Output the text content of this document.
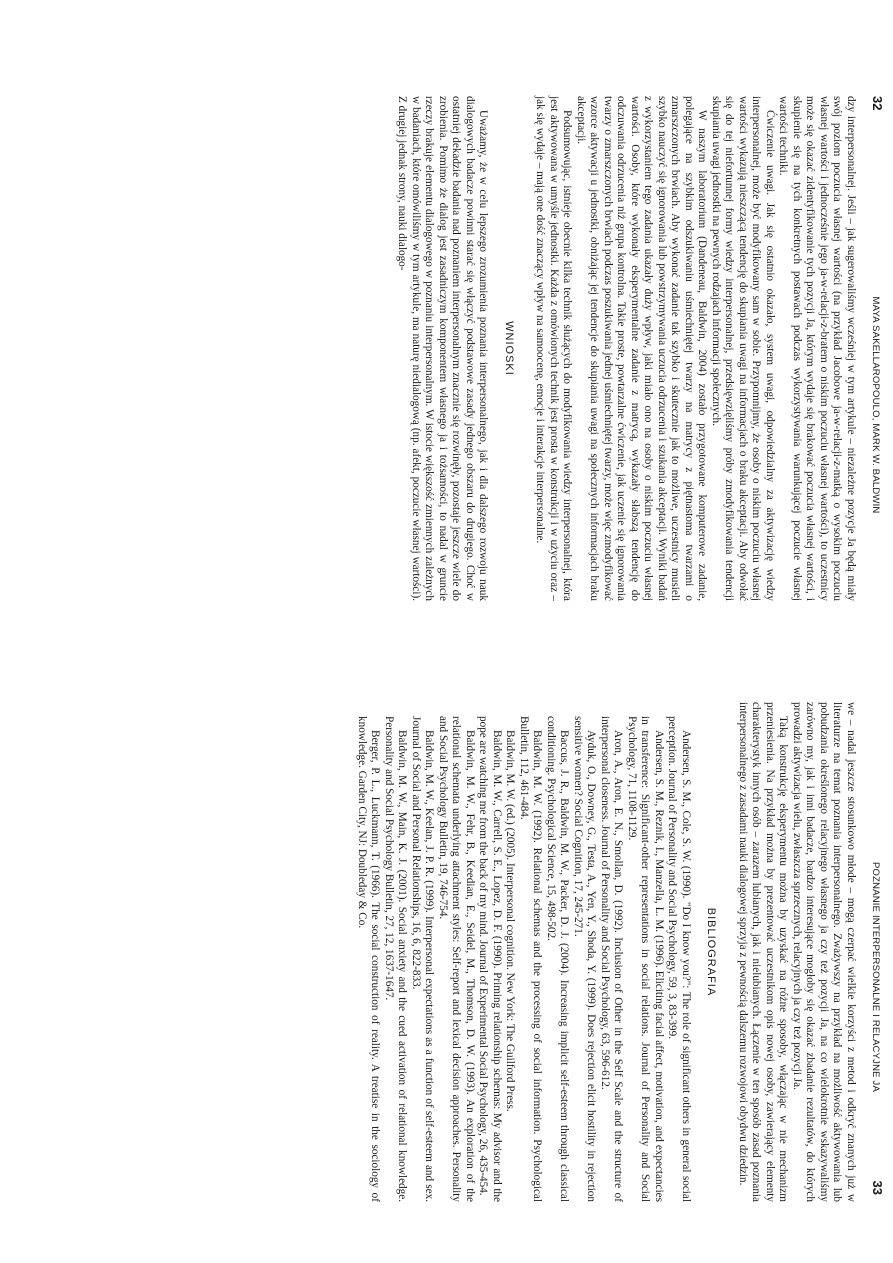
32
MAYA SAKELLAROPOULO, MARK W. BALDWIN

dzy interpersonalnej. Jeśli – jak sugerowaliśmy wcześniej w tym artykule – niezależne pozycje Ja będą miały swój poziom poczucia własnej wartości (na przykład Jacobowe ja-w-relacji-z-matką o wysokim poczuciu własnej wartości i jednocześnie jego ja-w-relacji-z-bratem o niskim poczuciu własnej wartości), to uczestnicy może się okazać zidentyfikowanie tych pozycji Ja, którym wydaje się brakować poczucia własnej wartości, i skupienie się na tych konkretnych postawach podczas wykorzystywania warunkującej poczucie własnej wartości techniki.

Ćwiczenie uwagi. Jak się ostatnio okazało, system uwagi, odpowiedzialny za aktywizację wiedzy interpersonalnej, może być modyfikowany sam w sobie. Przypomnijmy, że osoby o niskim poczuciu własnej wartości wykazują nieszczącą tendencję do skupiania uwagi na informacjach o braku akceptacji. Aby odwołać się do tej niefortunnej formy wiedzy interpersonalnej, przedsięwzięliśmy próby zmodyfikowania tendencji skupiania uwagi jednostki na pewnych rodzajach informacji społecznych.

W naszym laboratorium (Dandeneau, Baldwin, 2004) zostało przygotowane komputerowe zadanie, polegające na szybkim odszukiwaniu uśmiechniętej twarzy na matrycy z piętnastoma twarzami o zmarszczonych brwiach. Aby wykonać zadanie tak szybko i skutecznie jak to możliwe, uczestnicy musieli szybko nauczyć się ignorowania lub powstrzymywania uczucia odrzucenia i szukania akceptacji. Wyniki badań z wykorzystaniem tego zadania ukazały duży wpływ, jaki miało ono na osoby o niskim poczuciu własnej wartości. Osoby, które wykonały eksperymentalne zadanie z matrycą, wykazały słabszą tendencję do odczuwania odrzucenia niż grupa kontrolna. Takie proste, powtarzalne ćwiczenie, jak uczenie się ignorowania twarzy o zmarszczonych brwiach podczas poszukiwania jednej uśmiechniętej twarzy, może więc zmodyfikować wzorce aktywacji u jednostki, obniżając jej tendencje do skupiania uwagi na społecznych informacjach braku akceptacji.

Podsumowując, istnieje obecnie kilka technik służących do modyfikowania wiedzy interpersonalnej, która jest aktywowana w umyśle jednostki. Każda z omówionych technik jest prosta w konstrukcji i w użyciu oraz – jak się wydaje – mają one dość znaczący wpływ na samoocenę, emocje i interakcje interpersonalne.

WNIOSKI

Uważamy, że w celu lepszego zrozumienia poznania interpersonalnego, jak i dla dalszego rozwoju nauk dialogowych badacze powinni starać się włączyć podstawowe zasady jednego obszaru do drugiego. Choć w ostatniej dekadzie badania nad poznaniem interpersonalnym znacznie się rozwinęły, pozostaje jeszcze wiele do zrobienia. Pomimo że dialog jest zasadniczym komponentem własnego ja i tożsamości, to nadal w gruncie rzeczy brakuje elementu dialogowego w poznaniu interpersonalnym. W istocie większość zmiennych zależnych w badaniach, które omówiliśmy w tym artykule, ma naturę niedialogową (np. afekt, poczucie własnej wartości). Z drugiej jednak strony, nauki dialogo-

POZNANIE INTERPERSONALNE I RELACYJNE JA
33

we – nadal jeszcze stosunkowo młode – mogą czerpać wielkie korzyści z metod i odkryć znanych już w literaturze na temat poznania interpersonalnego. Zważywszy na przykład na możliwość aktywowania lub pobudzania określonego relacyjnego własnego ja czy też pozycji Ja, na co wielokrotnie wskazywaliśmy zarówno my, jak i inni badacze, bardzo interesujące mogłoby się okazać zbadanie rezultatów, do których prowadzi aktywizacja wielu, zwłaszcza sprzecznych, relacyjnych ja czy też pozycji Ja.

Taką konstrukcję eksperymentu można by uzyskać na różne sposoby, włączając w nie mechanizm przeniesienia. Na przykład można by prezentować uczestnikom opis nowej osoby, zawierający elementy charakterystyk innych osób – zarazem lubianych, jak i nielubianych. Łączenie w ten sposób zasad poznania interpersonalnego z zasadami nauki dialogowej sprzyja z pewnością dalszemu rozwojowi obydwu dziedzin.

BIBLIOGRAFIA

Andersen, S. M., Cole, S. W. (1990). "Do I know you?": The role of significant others in general social perception. Journal of Personality and Social Psychology, 59, 3, 83-399.

Andersen, S. M., Reznik, I., Manzella, L. M. (1996). Eliciting facial affect, motivation, and expectancies in transference: Significant-other representations in social relations. Journal of Personality and Social Psychology, 71, 1108-1129.

Aron, A., Aron, E. N., Smollan, D. (1992). Inclusion of Other in the Self Scale and the structure of interpersonal closeness. Journal of Personality and Social Psychology, 63, 596-612.

Ayduk, O., Downey, G., Testa, A., Yen, Y., Shoda, Y. (1999). Does rejection elicit hostility in rejection sensitive women? Social Cognition, 17, 245-271.

Baccus, J. R., Baldwin, M. W., Packer, D. J. (2004). Increasing implicit self-esteem through classical conditioning. Psychological Science, 15, 498-502.

Baldwin, M. W. (1992). Relational schemas and the processing of social information. Psychological Bulletin, 112, 461-484.

Baldwin, M. W. (ed.) (2005). Interpersonal cognition. New York: The Guilford Press.

Baldwin, M. W., Carrell, S. E., Lopez, D. F. (1990). Priming relationship schemas: My advisor and the pope are watching me from the back of my mind. Journal of Experimental Social Psychology, 26, 435-454.

Baldwin, M. W., Fehr, B., Keedian, E., Seidel, M., Thomson, D. W. (1993). An exploration of the relational schemata underlying attachment styles: Self-report and lexical decision approaches. Personality and Social Psychology Bulletin, 19, 746-754.

Baldwin, M. W., Keelan, J. P. R. (1999). Interpersonal expectations as a function of self-esteem and sex. Journal of Social and Personal Relationships, 16, 6, 822-833.

Baldwin, M. W., Main, K. J. (2001). Social anxiety and the cued activation of relational knowledge. Personality and Social Psychology Bulletin, 27, 12, 1637-1647.

Berger, P. L., Luckmann, T. (1966). The social construction of reality. A treatise in the sociology of knowledge. Garden City, NJ: Doubleday & Co.
